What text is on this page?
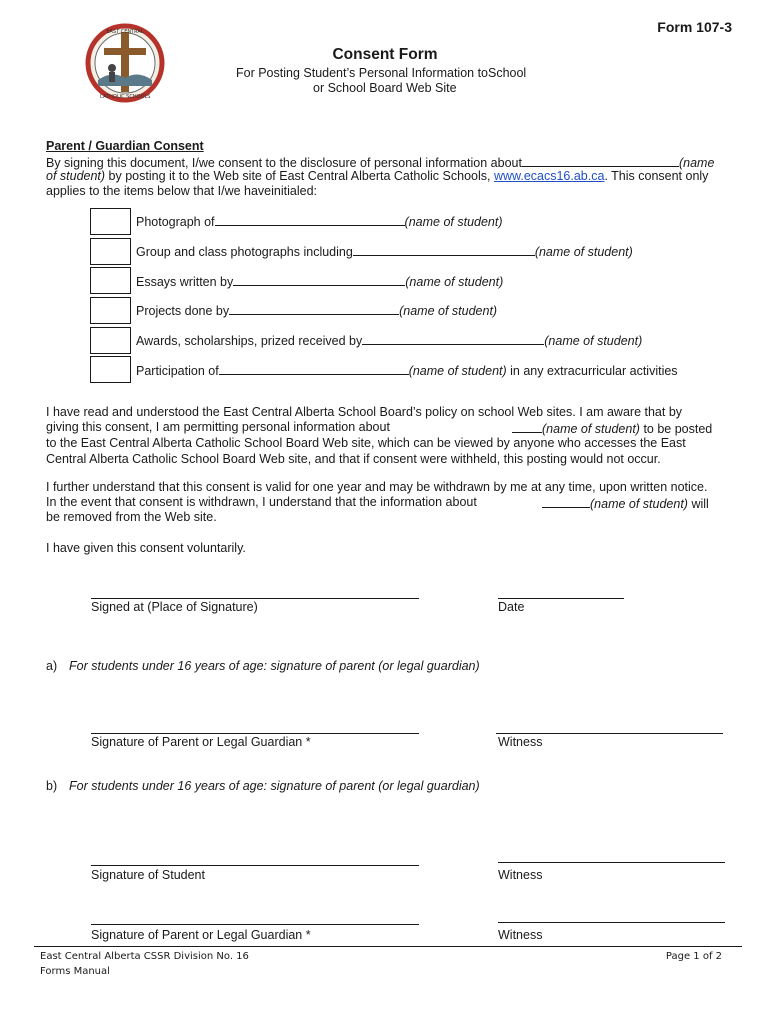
Form 107-3
EAST CENTRAL
CATHOLIC SCHOOLS
Consent Form
For Posting Student’s Personal Information toSchool
or School Board Web Site
Parent / Guardian Consent
By signing this document, I/we consent to the disclosure of personal information about	(name
of student) by posting it to the Web site of East Central Alberta Catholic Schools, www.ecacs16.ab.ca. This consent only
applies to the items below that I/we haveinitialed:
Photograph of	(name of student)
Group and class photographs including	(name of student)
Essays written by	(name of student)
Projects done by	(name of student)
Awards, scholarships, prized received by	(name of student)
Participation of	(name of student) in any extracurricular activities
I have read and understood the East Central Alberta School Board’s policy on school Web sites. I am aware that by
giving this consent, I am permitting personal information about	(name of student) to be posted
to the East Central Alberta Catholic School Board Web site, which can be viewed by anyone who accesses the East
Central Alberta Catholic School Board Web site, and that if consent were withheld, this posting would not occur.
I further understand that this consent is valid for one year and may be withdrawn by me at any time, upon written notice.
In the event that consent is withdrawn, I understand that the information about	(name of student) will
be removed from the Web site.
I have given this consent voluntarily.
Signed at (Place of Signature)	Date
a) For students under 16 years of age: signature of parent (or legal guardian)
Signature of Parent or Legal Guardian *	Witness
b) For students under 16 years of age: signature of parent (or legal guardian)
Signature of Student	Witness
Signature of Parent or Legal Guardian *	Witness
East Central Alberta CSSR Division No. 16
Forms Manual
Page 1 of 2
